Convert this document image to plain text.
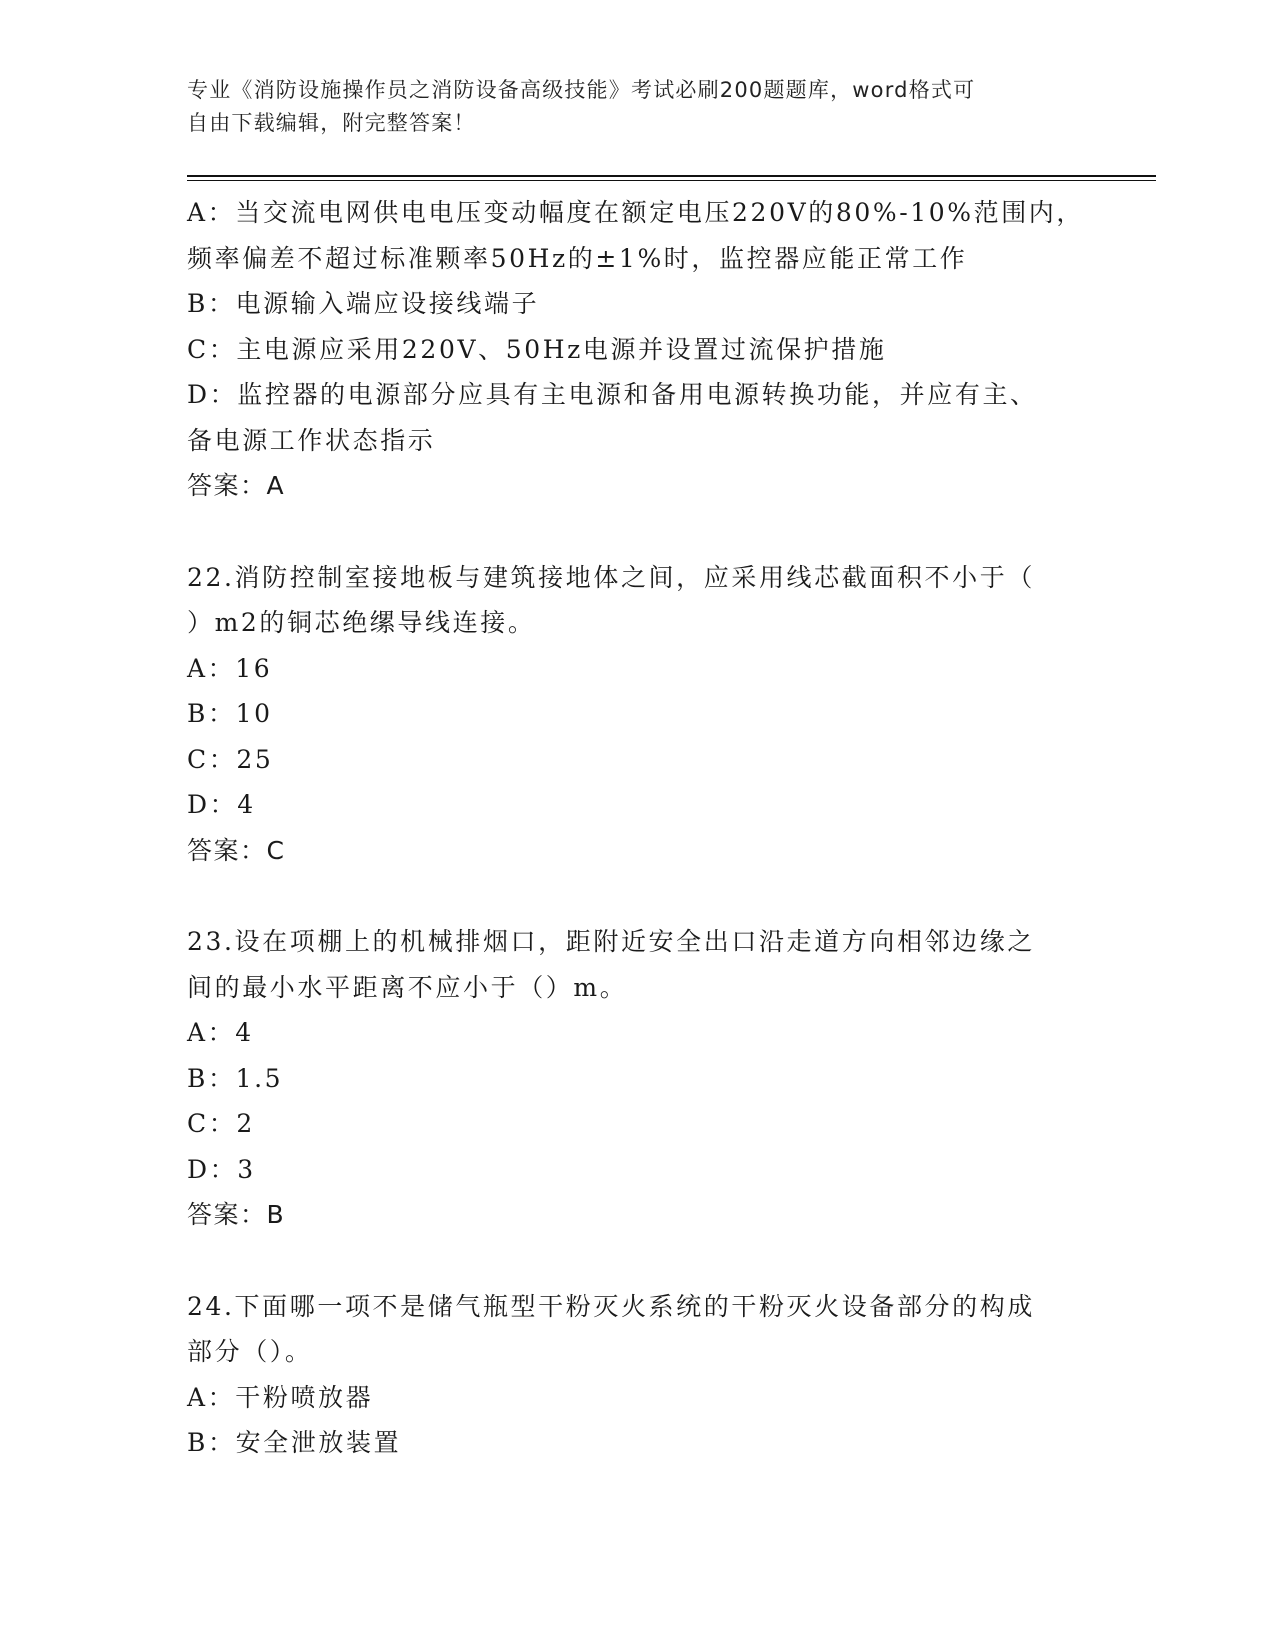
专业《消防设施操作员之消防设备高级技能》考试必刷200题题库，word格式可
自由下载编辑，附完整答案！
A：当交流电网供电电压变动幅度在额定电压220V的80%-10%范围内，
频率偏差不超过标准颗率50Hz的±1%时，监控器应能正常工作
B：电源输入端应设接线端子
C：主电源应采用220V、50Hz电源并设置过流保护措施
D：监控器的电源部分应具有主电源和备用电源转换功能，并应有主、
备电源工作状态指示
答案：A
22.消防控制室接地板与建筑接地体之间，应采用线芯截面积不小于（
）m2的铜芯绝缧导线连接。
A：16
B：10
C：25
D：4
答案：C
23.设在项棚上的机械排烟口，距附近安全出口沿走道方向相邻边缘之
间的最小水平距离不应小于（）m。
A：4
B：1.5
C：2
D：3
答案：B
24.下面哪一项不是储气瓶型干粉灭火系统的干粉灭火设备部分的构成
部分（）。
A：干粉喷放器
B：安全泄放装置
